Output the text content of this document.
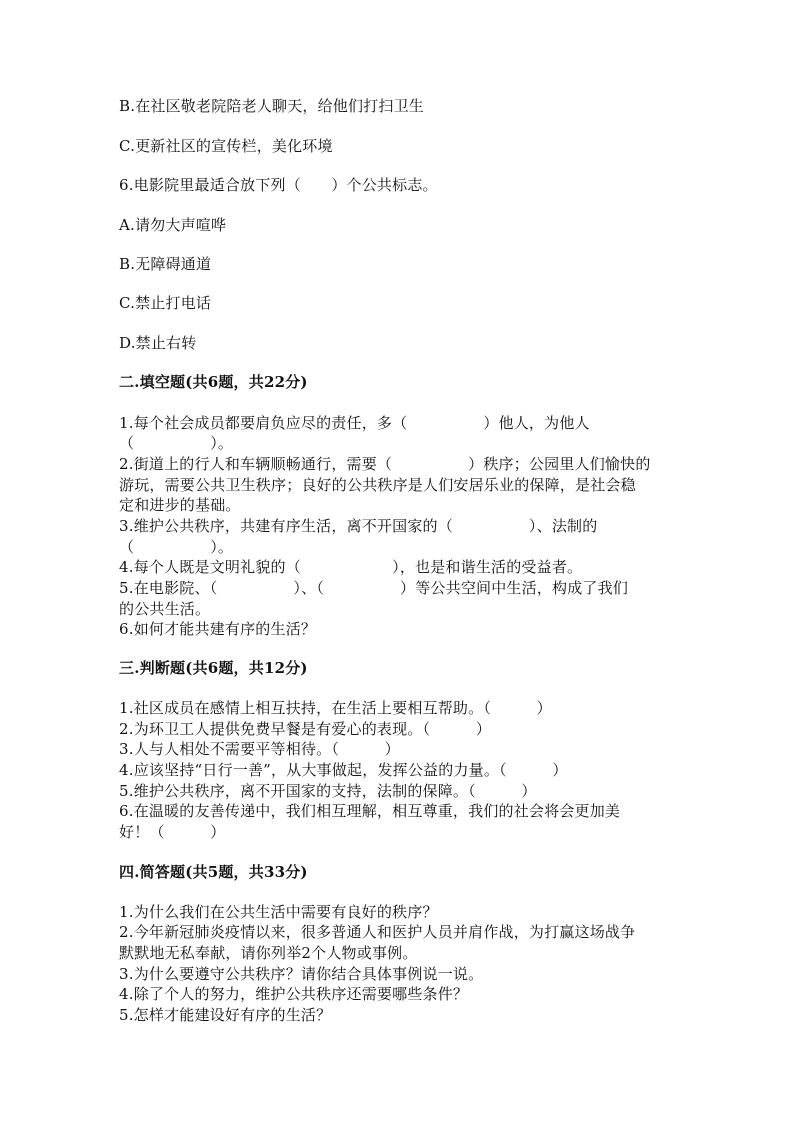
B.在社区敬老院陪老人聊天，给他们打扫卫生
C.更新社区的宣传栏，美化环境
6.电影院里最适合放下列（　　）个公共标志。
A.请勿大声喧哗
B.无障碍通道
C.禁止打电话
D.禁止右转
二.填空题(共6题，共22分)
1.每个社会成员都要肩负应尽的责任，多（　　　　　）他人，为他人
（　　　　　）。
2.街道上的行人和车辆顺畅通行，需要（　　　　　）秩序；公园里人们愉快的
游玩，需要公共卫生秩序；良好的公共秩序是人们安居乐业的保障，是社会稳
定和进步的基础。
3.维护公共秩序，共建有序生活，离不开国家的（　　　　　）、法制的
（　　　　　）。
4.每个人既是文明礼貌的（　　　　　　），也是和谐生活的受益者。
5.在电影院、（　　　　　）、（　　　　　）等公共空间中生活，构成了我们
的公共生活。
6.如何才能共建有序的生活？
三.判断题(共6题，共12分)
1.社区成员在感情上相互扶持，在生活上要相互帮助。（　　　）
2.为环卫工人提供免费早餐是有爱心的表现。（　　　）
3.人与人相处不需要平等相待。（　　　）
4.应该坚持“日行一善”，从大事做起，发挥公益的力量。（　　　）
5.维护公共秩序，离不开国家的支持，法制的保障。（　　　）
6.在温暖的友善传递中，我们相互理解，相互尊重，我们的社会将会更加美
好！（　　　）
四.简答题(共5题，共33分)
1.为什么我们在公共生活中需要有良好的秩序？
2.今年新冠肺炎疫情以来，很多普通人和医护人员并肩作战，为打赢这场战争
默默地无私奉献，请你列举2个人物或事例。
3.为什么要遵守公共秩序？请你结合具体事例说一说。
4.除了个人的努力，维护公共秩序还需要哪些条件？
5.怎样才能建设好有序的生活？
